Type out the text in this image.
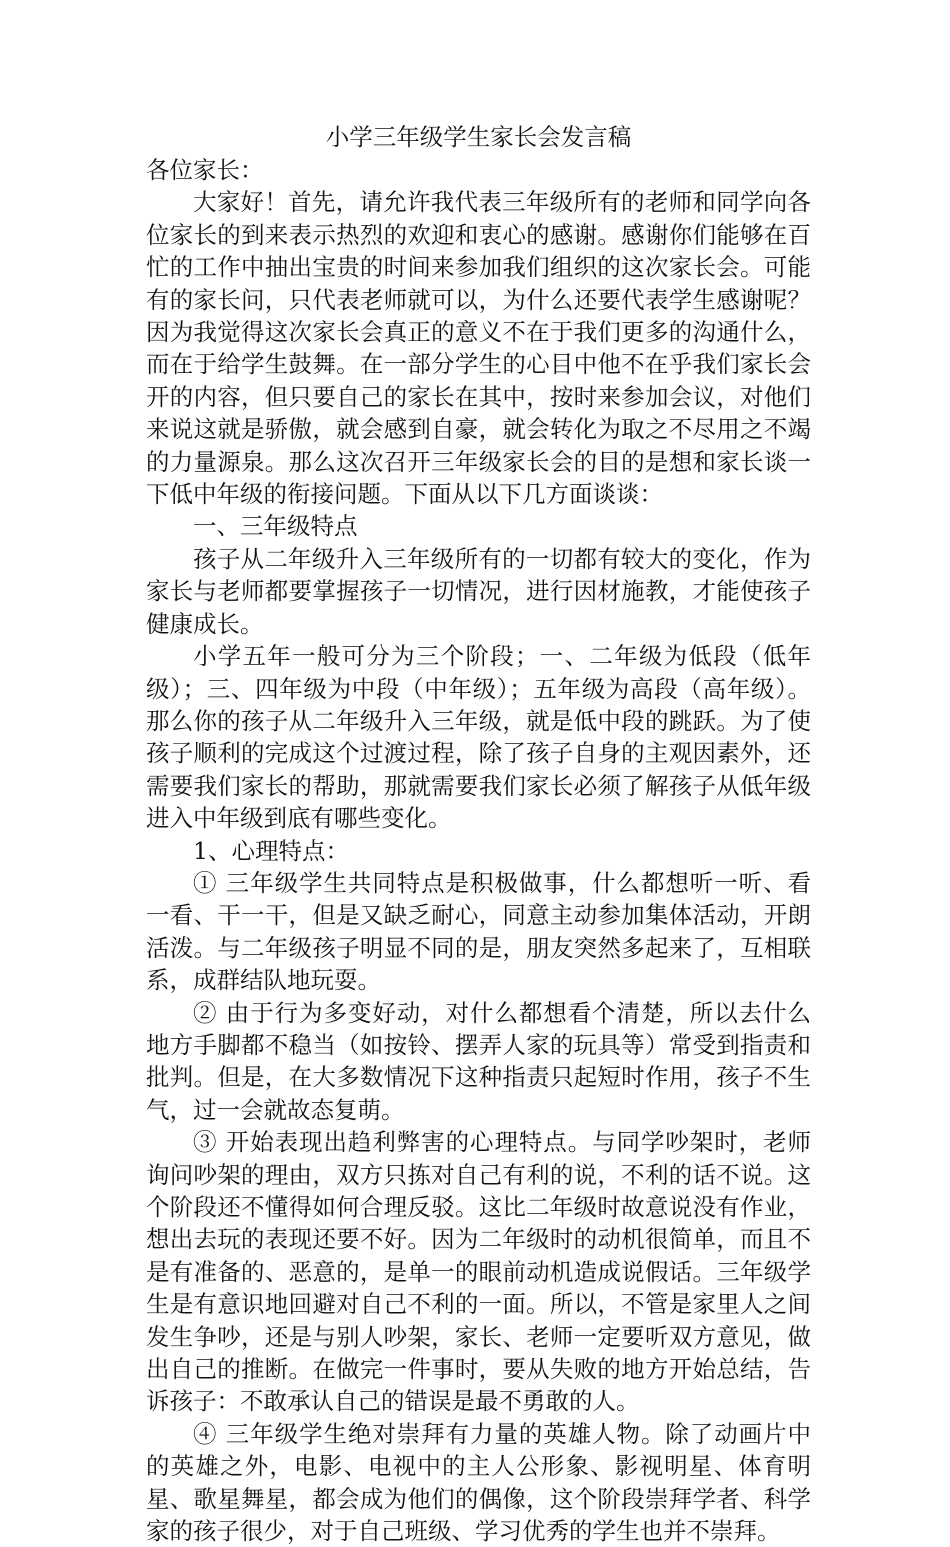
小学三年级学生家长会发言稿

各位家长：

大家好！首先，请允许我代表三年级所有的老师和同学向各位家长的到来表示热烈的欢迎和衷心的感谢。感谢你们能够在百忙的工作中抽出宝贵的时间来参加我们组织的这次家长会。可能有的家长问，只代表老师就可以，为什么还要代表学生感谢呢？因为我觉得这次家长会真正的意义不在于我们更多的沟通什么，而在于给学生鼓舞。在一部分学生的心目中他不在乎我们家长会开的内容，但只要自己的家长在其中，按时来参加会议，对他们来说这就是骄傲，就会感到自豪，就会转化为取之不尽用之不竭的力量源泉。那么这次召开三年级家长会的目的是想和家长谈一下低中年级的衔接问题。下面从以下几方面谈谈：

一、三年级特点

孩子从二年级升入三年级所有的一切都有较大的变化，作为家长与老师都要掌握孩子一切情况，进行因材施教，才能使孩子健康成长。

小学五年一般可分为三个阶段；一、二年级为低段（低年级）；三、四年级为中段（中年级）；五年级为高段（高年级）。那么你的孩子从二年级升入三年级，就是低中段的跳跃。为了使孩子顺利的完成这个过渡过程，除了孩子自身的主观因素外，还需要我们家长的帮助，那就需要我们家长必须了解孩子从低年级进入中年级到底有哪些变化。

1、心理特点：

① 三年级学生共同特点是积极做事，什么都想听一听、看一看、干一干，但是又缺乏耐心，同意主动参加集体活动，开朗活泼。与二年级孩子明显不同的是，朋友突然多起来了，互相联系，成群结队地玩耍。

② 由于行为多变好动，对什么都想看个清楚，所以去什么地方手脚都不稳当（如按铃、摆弄人家的玩具等）常受到指责和批判。但是，在大多数情况下这种指责只起短时作用，孩子不生气，过一会就故态复萌。

③ 开始表现出趋利弊害的心理特点。与同学吵架时，老师询问吵架的理由，双方只拣对自己有利的说，不利的话不说。这个阶段还不懂得如何合理反驳。这比二年级时故意说没有作业，想出去玩的表现还要不好。因为二年级时的动机很简单，而且不是有准备的、恶意的，是单一的眼前动机造成说假话。三年级学生是有意识地回避对自己不利的一面。所以，不管是家里人之间发生争吵，还是与别人吵架，家长、老师一定要听双方意见，做出自己的推断。在做完一件事时，要从失败的地方开始总结，告诉孩子：不敢承认自己的错误是最不勇敢的人。

④ 三年级学生绝对崇拜有力量的英雄人物。除了动画片中的英雄之外，电影、电视中的主人公形象、影视明星、体育明星、歌星舞星，都会成为他们的偶像，这个阶段崇拜学者、科学家的孩子很少，对于自己班级、学习优秀的学生也并不崇拜。
